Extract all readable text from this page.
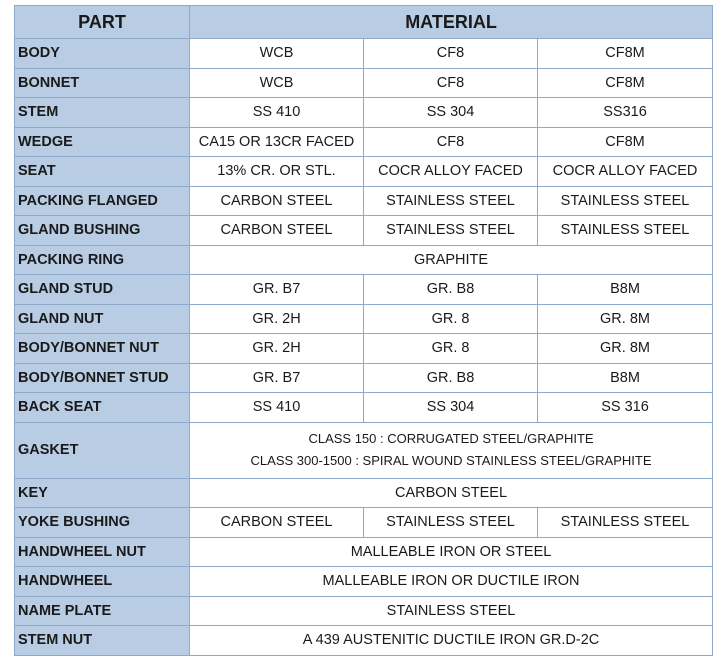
PART	MATERIAL		
BODY	WCB	CF8	CF8M
BONNET	WCB	CF8	CF8M
STEM	SS 410	SS 304	SS316
WEDGE	CA15 OR 13CR FACED	CF8	CF8M
SEAT	13% CR. OR STL.	COCR ALLOY FACED	COCR ALLOY FACED
PACKING FLANGED	CARBON STEEL	STAINLESS STEEL	STAINLESS STEEL
GLAND BUSHING	CARBON STEEL	STAINLESS STEEL	STAINLESS STEEL
PACKING RING	GRAPHITE		
GLAND STUD	GR. B7	GR. B8	B8M
GLAND NUT	GR. 2H	GR. 8	GR. 8M
BODY/BONNET NUT	GR. 2H	GR. 8	GR. 8M
BODY/BONNET STUD	GR. B7	GR. B8	B8M
BACK SEAT	SS 410	SS 304	SS 316
GASKET	CLASS 150 : CORRUGATED STEEL/GRAPHITE
CLASS 300-1500 : SPIRAL WOUND STAINLESS STEEL/GRAPHITE		

KEY	CARBON STEEL		
YOKE BUSHING	CARBON STEEL	STAINLESS STEEL	STAINLESS STEEL
HANDWHEEL NUT	MALLEABLE IRON OR STEEL		
HANDWHEEL	MALLEABLE IRON OR DUCTILE IRON		
NAME PLATE	STAINLESS STEEL		
STEM NUT	A 439 AUSTENITIC DUCTILE IRON GR.D-2C		
